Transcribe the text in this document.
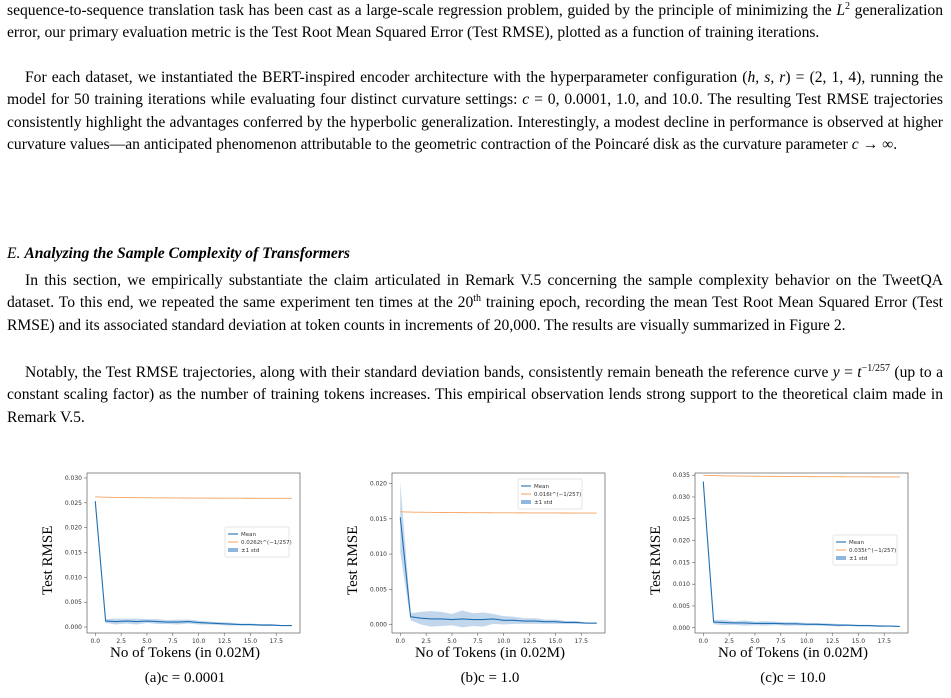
sequence-to-sequence translation task has been cast as a large-scale regression problem, guided by the principle of minimizing the $L^2$ generalization error, our primary evaluation metric is the Test Root Mean Squared Error (Test RMSE), plotted as a function of training iterations.

For each dataset, we instantiated the BERT-inspired encoder architecture with the hyperparameter configuration (h, s, r) = (2, 1, 4), running the model for 50 training iterations while evaluating four distinct curvature settings: c = 0, 0.0001, 1.0, and 10.0. The resulting Test RMSE trajectories consistently highlight the advantages conferred by the hyperbolic generalization. Interestingly, a modest decline in performance is observed at higher curvature values—an anticipated phenomenon attributable to the geometric contraction of the Poincaré disk as the curvature parameter c → ∞.

E. Analyzing the Sample Complexity of Transformers

In this section, we empirically substantiate the claim articulated in Remark V.5 concerning the sample complexity behavior on the TweetQA dataset. To this end, we repeated the same experiment ten times at the 20th training epoch, recording the mean Test Root Mean Squared Error (Test RMSE) and its associated standard deviation at token counts in increments of 20,000. The results are visually summarized in Figure 2.

Notably, the Test RMSE trajectories, along with their standard deviation bands, consistently remain beneath the reference curve $y = t^{-1/257}$ (up to a constant scaling factor) as the number of training tokens increases. This empirical observation lends strong support to the theoretical claim made in Remark V.5.

0.000
0.005
0.010
0.015
0.020
0.025
0.030
0.0	2.5	5.0	7.5 10.0 12.5 15.0 17.5
Mean
0.0262t^(−1/257)
±1 std
Test RMSE
No of Tokens (in 0.02M)
(a)c = 0.0001
0.000
0.005
0.010
0.015
0.020
0.0	2.5	5.0	7.5 10.0 12.5 15.0 17.5
Mean
0.016t^(−1/257)
±1 std
Test RMSE
No of Tokens (in 0.02M)
(b)c = 1.0
0.000
0.005
0.010
0.015
0.020
0.025
0.030
0.035
0.0	2.5	5.0	7.5 10.0 12.5 15.0 17.5
Mean
0.035t^(−1/257)
±1 std
Test RMSE
No of Tokens (in 0.02M)
(c)c = 10.0
